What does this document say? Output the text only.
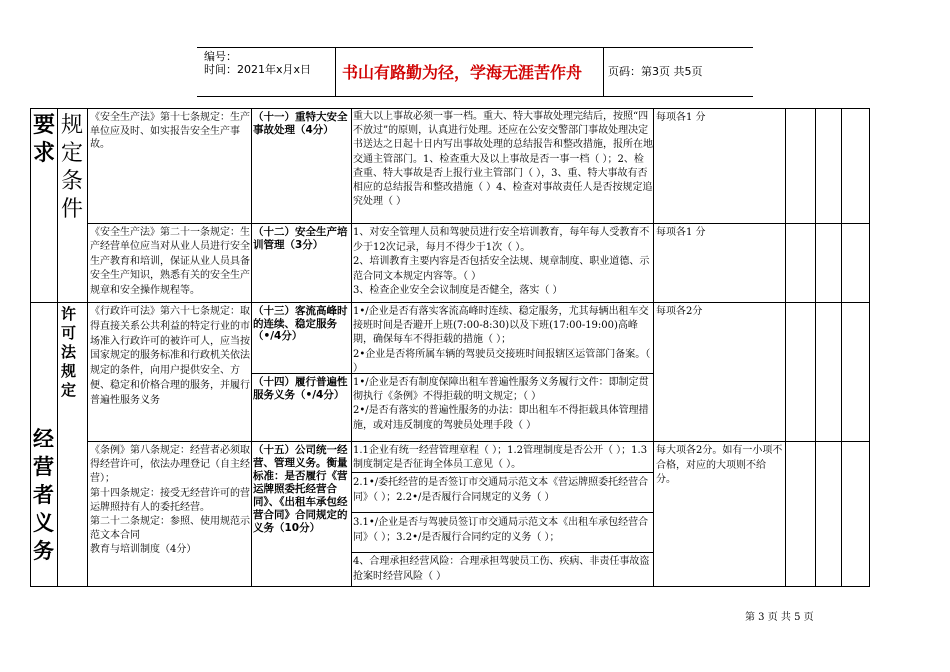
编号：
时间：2021年x月x日	书山有路勤为径，学海无涯苦作舟	页码：第3页 共5页
要求
规定条件
许可法规定
经营者义务
《安全生产法》第十七条规定：生产单位应及时、如实报告安全生产事故。
（十一）重特大安全事故处理（4分）
重大以上事故必须一事一档。重大、特大事故处理完结后，按照“四不放过”的原则，认真进行处理。还应在公安交警部门事故处理决定书送达之日起十日内写出事故处理的总结报告和整改措施，报所在地交通主管部门。1、检查重大及以上事故是否一事一档（ ）；2、检查重、特大事故是否上报行业主管部门（ ），3、重、特大事故有否相应的总结报告和整改措施（ ）4、检查对事故责任人是否按规定追究处理（ ）
每项各1 分
《安全生产法》第二十一条规定：生产经营单位应当对从业人员进行安全生产教育和培训，保证从业人员具备安全生产知识，熟悉有关的安全生产规章和安全操作规程等。
（十二）安全生产培训管理（3分）
1、对安全管理人员和驾驶员进行安全培训教育，每年每人受教育不少于12次记录，每月不得少于1次（ ）。
2、培训教育主要内容是否包括安全法规、规章制度、职业道德、示范合同文本规定内容等。（ ）
3、检查企业安全会议制度是否健全，落实（ ）
每项各1 分
《行政许可法》第六十七条规定：取得直接关系公共利益的特定行业的市场准入行政许可的被许可人，应当按国家规定的服务标准和行政机关依法规定的条件，向用户提供安全、方便、稳定和价格合理的服务，并履行普遍性服务义务
（十三）客流高峰时的连续、稳定服务（•/4分）
1•/企业是否有落实客流高峰时连续、稳定服务，尤其每辆出租车交接班时间是否避开上班(7:00-8:30)以及下班(17:00-19:00)高峰期，确保每车不得拒载的措施（ ）；
2•企业是否将所属车辆的驾驶员交接班时间报辖区运管部门备案。（ ）
每项各2分
（十四）履行普遍性服务义务（•/4分）
1•/企业是否有制度保障出租车普遍性服务义务履行文件：即制定贯彻执行《条例》不得拒载的明文规定；（ ）
2•/是否有落实的普遍性服务的办法：即出租车不得拒载具体管理措施，或对违反制度的驾驶员处理手段（ ）
《条例》第八条规定：经营者必须取得经营许可，依法办理登记（自主经营）；
第十四条规定：接受无经营许可的营运牌照持有人的委托经营。
第二十二条规定：参照、使用规范示范文本合同
教育与培训制度（4分）
（十五）公司统一经营、管理义务。衡量标准：是否履行《营运牌照委托经营合同》、《出租车承包经营合同》合同规定的义务（10分）
1.1企业有统一经营管理章程（ ）；1.2管理制度是否公开（ ）；1.3制度制定是否征询全体员工意见（ ）。
2.1•/委托经营的是否签订市交通局示范文本《营运牌照委托经营合同》（ ）；2.2•/是否履行合同规定的义务（ ）
3.1•/企业是否与驾驶员签订市交通局示范文本《出租车承包经营合同》（ ）；3.2•/是否履行合同约定的义务（ ）；
4、合理承担经营风险：合理承担驾驶员工伤、疾病、非责任事故盗抢案时经营风险（ ）
每大项各2分。如有一小项不合格，对应的大项则不给分。
第 3 页 共 5 页
